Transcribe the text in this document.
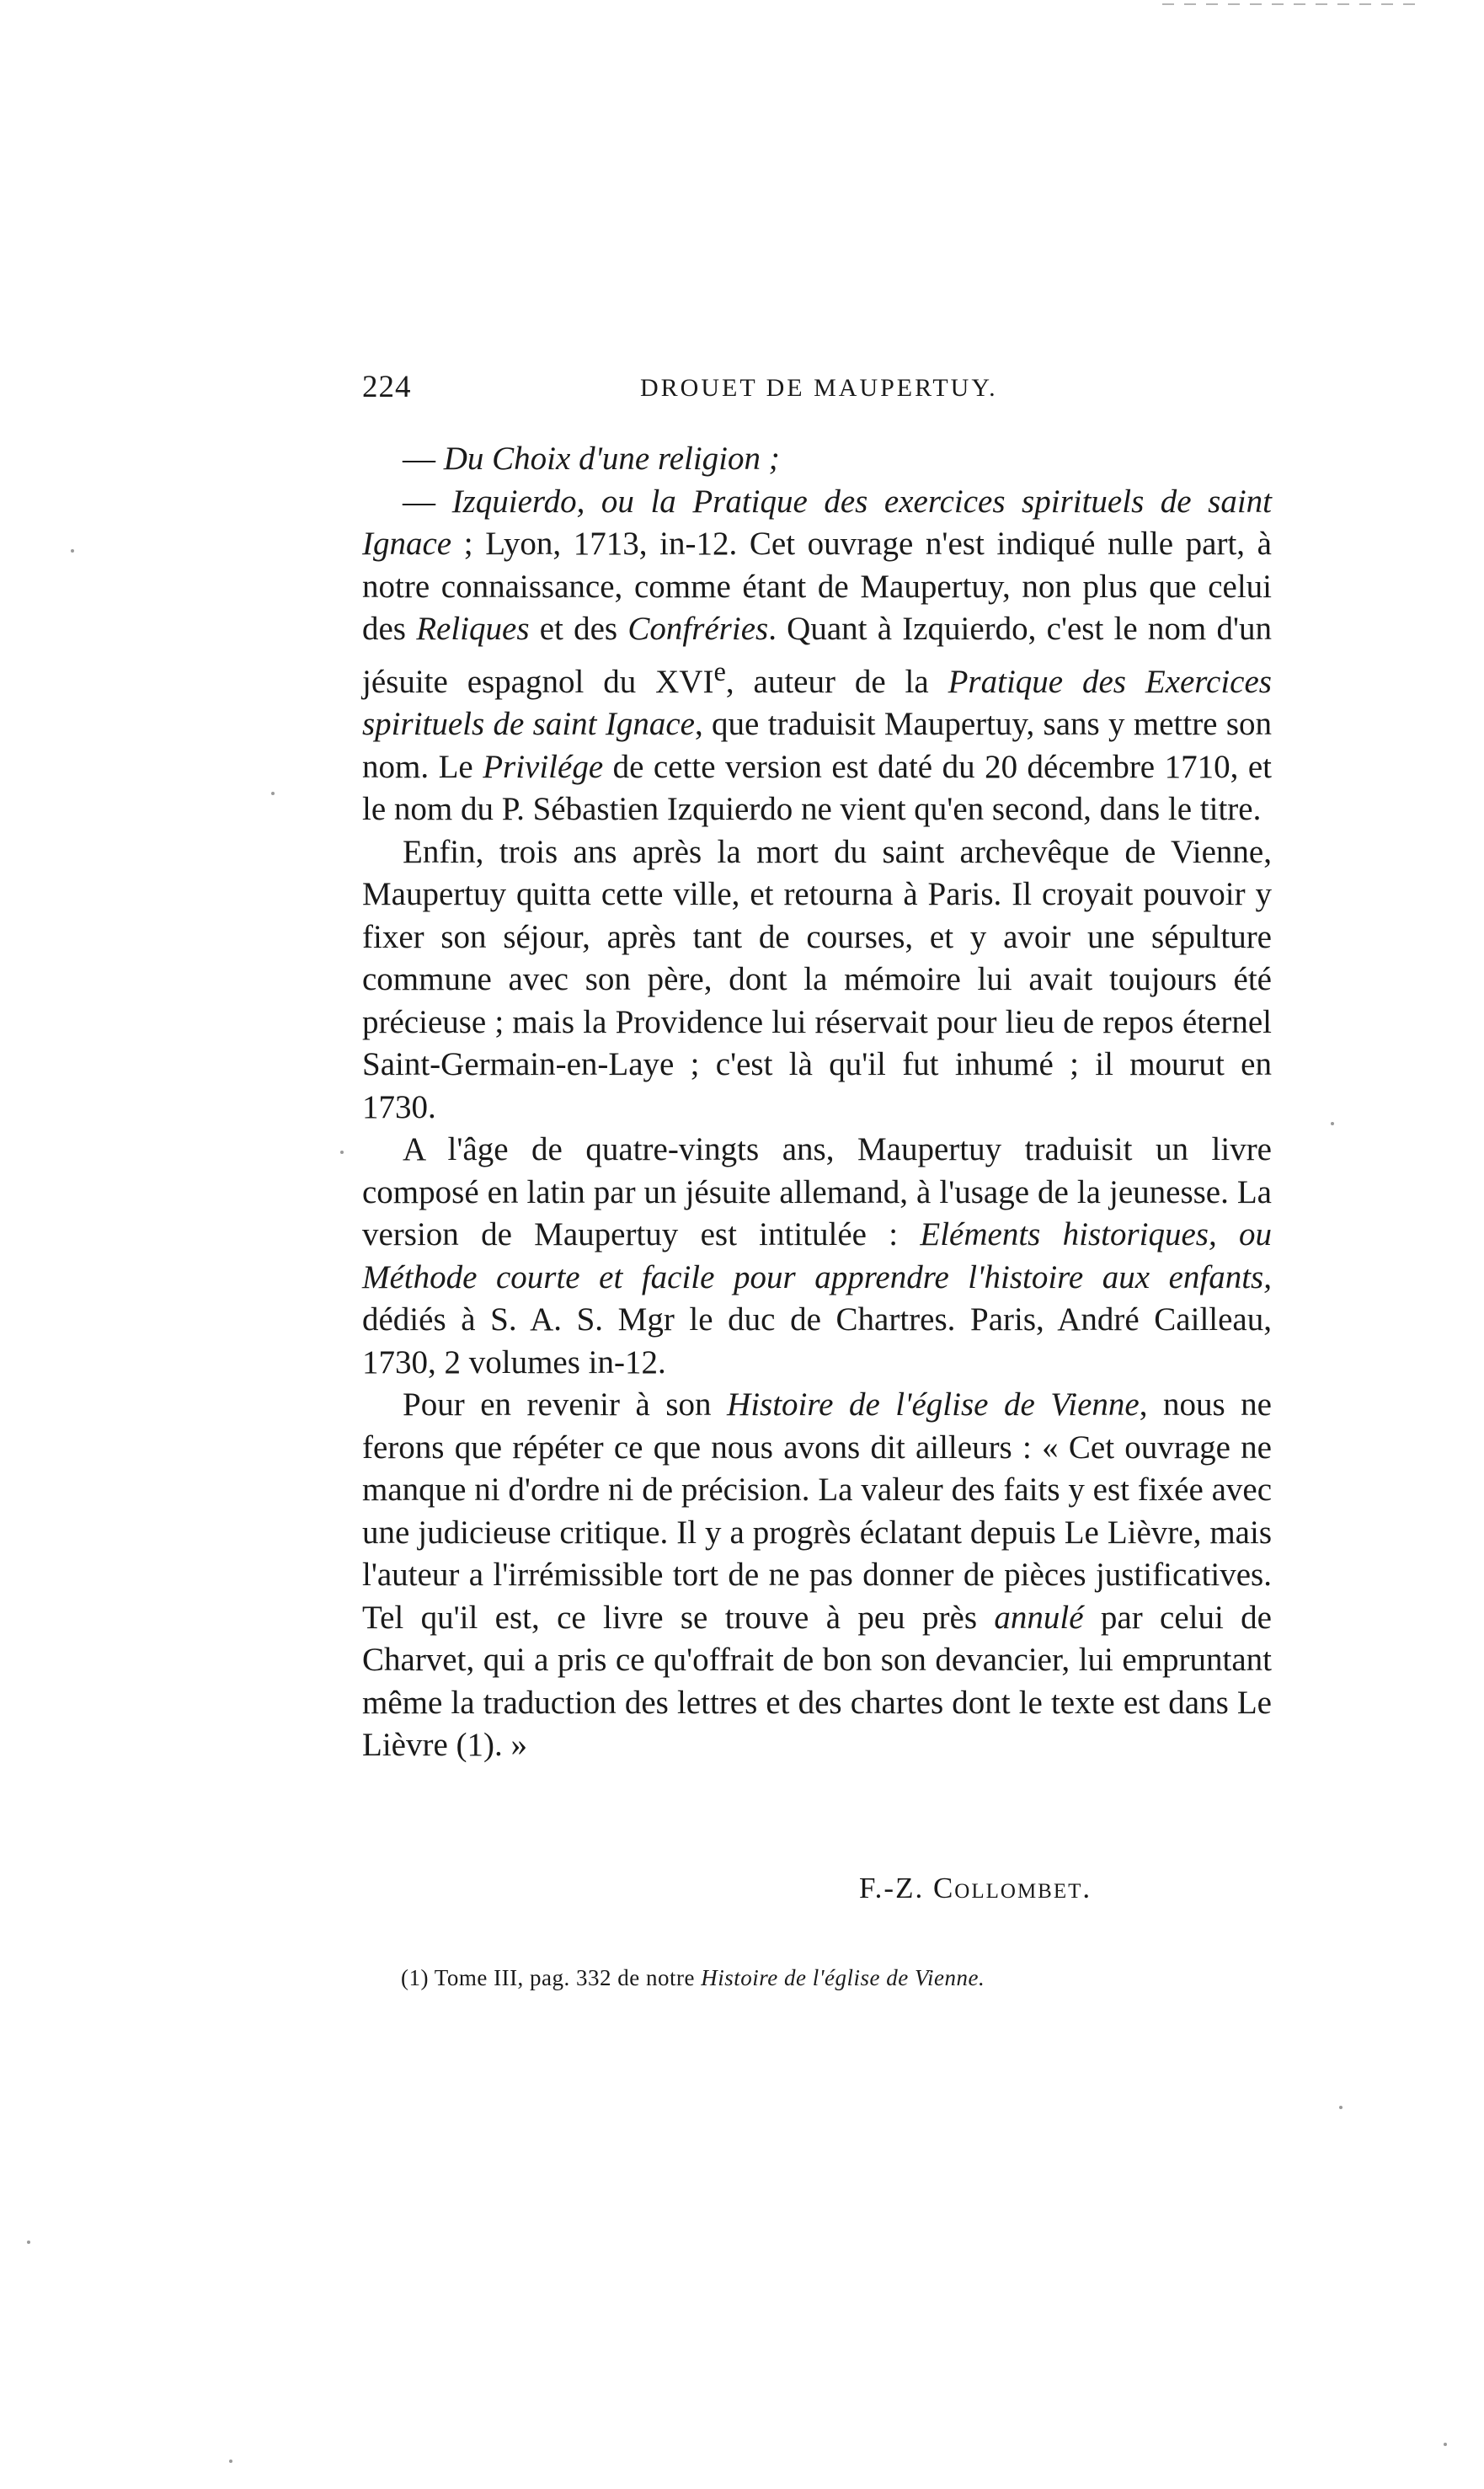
224	DROUET DE MAUPERTUY.

— Du Choix d'une religion ;

— Izquierdo, ou la Pratique des exercices spirituels de saint Ignace ; Lyon, 1713, in-12. Cet ouvrage n'est indiqué nulle part, à notre connaissance, comme étant de Maupertuy, non plus que celui des Reliques et des Confréries. Quant à Izquierdo, c'est le nom d'un jésuite espagnol du XVIe, auteur de la Pratique des Exercices spirituels de saint Ignace, que traduisit Maupertuy, sans y mettre son nom. Le Privilége de cette version est daté du 20 décembre 1710, et le nom du P. Sébastien Izquierdo ne vient qu'en second, dans le titre.

Enfin, trois ans après la mort du saint archevêque de Vienne, Maupertuy quitta cette ville, et retourna à Paris. Il croyait pouvoir y fixer son séjour, après tant de courses, et y avoir une sépulture commune avec son père, dont la mémoire lui avait toujours été précieuse ; mais la Providence lui réservait pour lieu de repos éternel Saint-Germain-en-Laye ; c'est là qu'il fut inhumé ; il mourut en 1730.

A l'âge de quatre-vingts ans, Maupertuy traduisit un livre composé en latin par un jésuite allemand, à l'usage de la jeunesse. La version de Maupertuy est intitulée : Eléments historiques, ou Méthode courte et facile pour apprendre l'histoire aux enfants, dédiés à S. A. S. Mgr le duc de Chartres. Paris, André Cailleau, 1730, 2 volumes in-12.

Pour en revenir à son Histoire de l'église de Vienne, nous ne ferons que répéter ce que nous avons dit ailleurs : « Cet ouvrage ne manque ni d'ordre ni de précision. La valeur des faits y est fixée avec une judicieuse critique. Il y a progrès éclatant depuis Le Lièvre, mais l'auteur a l'irrémissible tort de ne pas donner de pièces justificatives. Tel qu'il est, ce livre se trouve à peu près annulé par celui de Charvet, qui a pris ce qu'offrait de bon son devancier, lui empruntant même la traduction des lettres et des chartes dont le texte est dans Le Lièvre (1). »

F.-Z. Collombet.
(1) Tome III, pag. 332 de notre Histoire de l'église de Vienne.
